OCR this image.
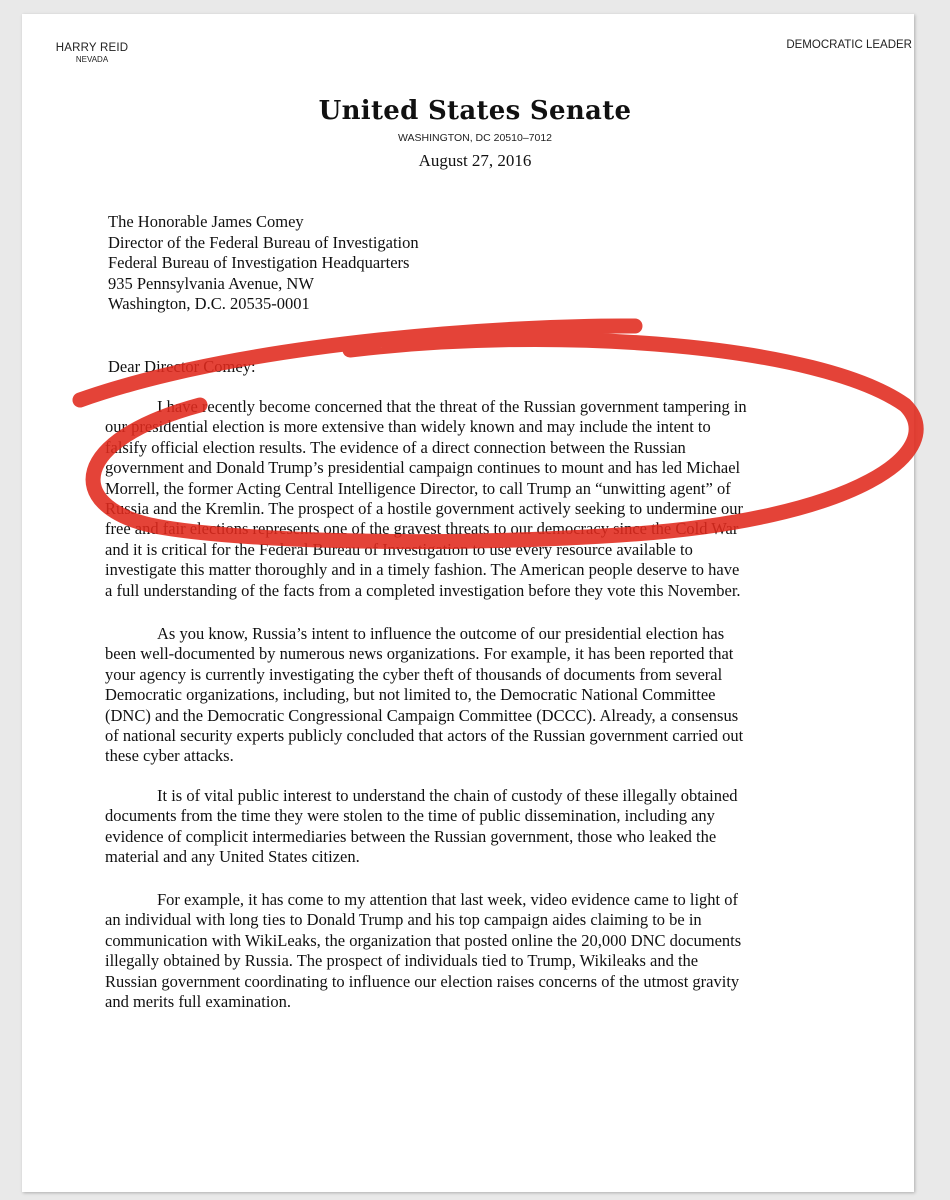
HARRY REID
NEVADA
DEMOCRATIC LEADER
United States Senate
WASHINGTON, DC 20510–7012
August 27, 2016
The Honorable James Comey
Director of the Federal Bureau of Investigation
Federal Bureau of Investigation Headquarters
935 Pennsylvania Avenue, NW
Washington, D.C. 20535-0001
Dear Director Comey:
I have recently become concerned that the threat of the Russian government tampering in
our presidential election is more extensive than widely known and may include the intent to
falsify official election results. The evidence of a direct connection between the Russian
government and Donald Trump’s presidential campaign continues to mount and has led Michael
Morrell, the former Acting Central Intelligence Director, to call Trump an “unwitting agent” of
Russia and the Kremlin. The prospect of a hostile government actively seeking to undermine our
free and fair elections represents one of the gravest threats to our democracy since the Cold War
and it is critical for the Federal Bureau of Investigation to use every resource available to
investigate this matter thoroughly and in a timely fashion. The American people deserve to have
a full understanding of the facts from a completed investigation before they vote this November.
As you know, Russia’s intent to influence the outcome of our presidential election has
been well-documented by numerous news organizations. For example, it has been reported that
your agency is currently investigating the cyber theft of thousands of documents from several
Democratic organizations, including, but not limited to, the Democratic National Committee
(DNC) and the Democratic Congressional Campaign Committee (DCCC). Already, a consensus
of national security experts publicly concluded that actors of the Russian government carried out
these cyber attacks.
It is of vital public interest to understand the chain of custody of these illegally obtained
documents from the time they were stolen to the time of public dissemination, including any
evidence of complicit intermediaries between the Russian government, those who leaked the
material and any United States citizen.
For example, it has come to my attention that last week, video evidence came to light of
an individual with long ties to Donald Trump and his top campaign aides claiming to be in
communication with WikiLeaks, the organization that posted online the 20,000 DNC documents
illegally obtained by Russia. The prospect of individuals tied to Trump, Wikileaks and the
Russian government coordinating to influence our election raises concerns of the utmost gravity
and merits full examination.
